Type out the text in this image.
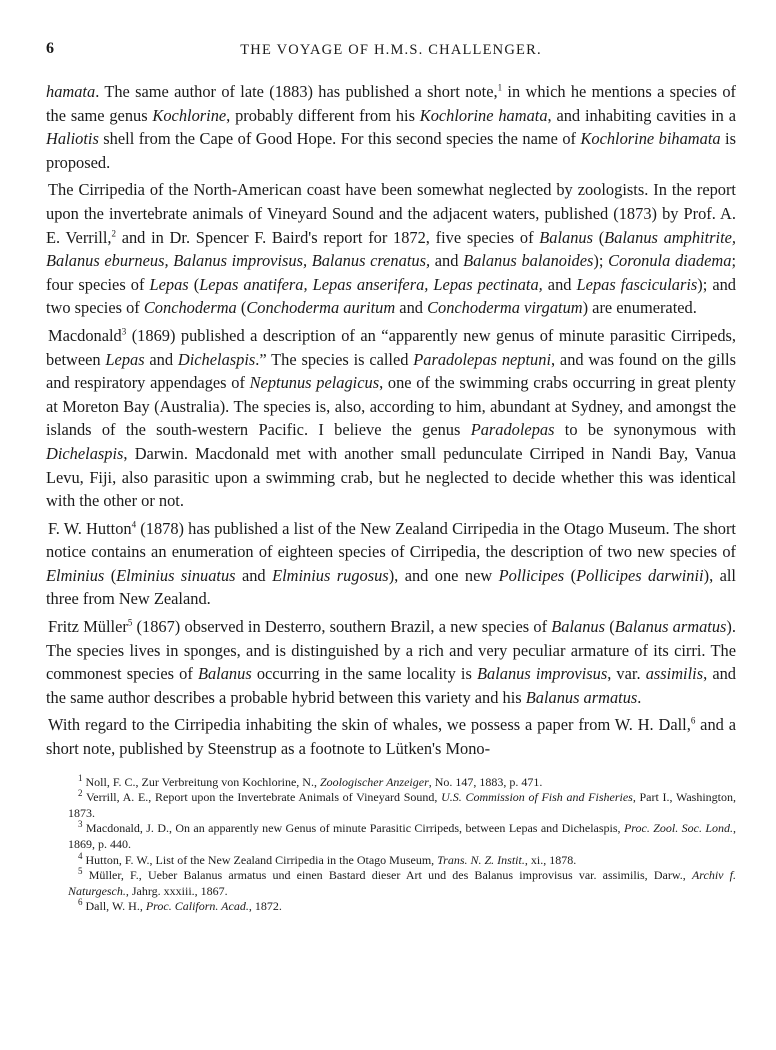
6	THE VOYAGE OF H.M.S. CHALLENGER.

hamata. The same author of late (1883) has published a short note,$^1$ in which he mentions a species of the same genus Kochlorine, probably different from his Kochlorine hamata, and inhabiting cavities in a Haliotis shell from the Cape of Good Hope. For this second species the name of Kochlorine bihamata is proposed.

The Cirripedia of the North-American coast have been somewhat neglected by zoologists. In the report upon the invertebrate animals of Vineyard Sound and the adjacent waters, published (1873) by Prof. A. E. Verrill,$^2$ and in Dr. Spencer F. Baird's report for 1872, five species of Balanus (Balanus amphitrite, Balanus eburneus, Balanus improvisus, Balanus crenatus, and Balanus balanoides); Coronula diadema; four species of Lepas (Lepas anatifera, Lepas anserifera, Lepas pectinata, and Lepas fascicularis); and two species of Conchoderma (Conchoderma auritum and Conchoderma virgatum) are enumerated.

Macdonald$^3$ (1869) published a description of an “apparently new genus of minute parasitic Cirripeds, between Lepas and Dichelaspis.” The species is called Paradolepas neptuni, and was found on the gills and respiratory appendages of Neptunus pelagicus, one of the swimming crabs occurring in great plenty at Moreton Bay (Australia). The species is, also, according to him, abundant at Sydney, and amongst the islands of the south-western Pacific. I believe the genus Paradolepas to be synonymous with Dichelaspis, Darwin. Macdonald met with another small pedunculate Cirriped in Nandi Bay, Vanua Levu, Fiji, also parasitic upon a swimming crab, but he neglected to decide whether this was identical with the other or not.

F. W. Hutton$^4$ (1878) has published a list of the New Zealand Cirripedia in the Otago Museum. The short notice contains an enumeration of eighteen species of Cirripedia, the description of two new species of Elminius (Elminius sinuatus and Elminius rugosus), and one new Pollicipes (Pollicipes darwinii), all three from New Zealand.

Fritz Müller$^5$ (1867) observed in Desterro, southern Brazil, a new species of Balanus (Balanus armatus). The species lives in sponges, and is distinguished by a rich and very peculiar armature of its cirri. The commonest species of Balanus occurring in the same locality is Balanus improvisus, var. assimilis, and the same author describes a probable hybrid between this variety and his Balanus armatus.

With regard to the Cirripedia inhabiting the skin of whales, we possess a paper from W. H. Dall,$^6$ and a short note, published by Steenstrup as a footnote to Lütken's Mono-

$^1$ Noll, F. C., Zur Verbreitung von Kochlorine, N., Zoologischer Anzeiger, No. 147, 1883, p. 471.

$^2$ Verrill, A. E., Report upon the Invertebrate Animals of Vineyard Sound, U.S. Commission of Fish and Fisheries, Part I., Washington, 1873.

$^3$ Macdonald, J. D., On an apparently new Genus of minute Parasitic Cirripeds, between Lepas and Dichelaspis, Proc. Zool. Soc. Lond., 1869, p. 440.

$^4$ Hutton, F. W., List of the New Zealand Cirripedia in the Otago Museum, Trans. N. Z. Instit., xi., 1878.

$^5$ Müller, F., Ueber Balanus armatus und einen Bastard dieser Art und des Balanus improvisus var. assimilis, Darw., Archiv f. Naturgesch., Jahrg. xxxiii., 1867.

$^6$ Dall, W. H., Proc. Californ. Acad., 1872.
